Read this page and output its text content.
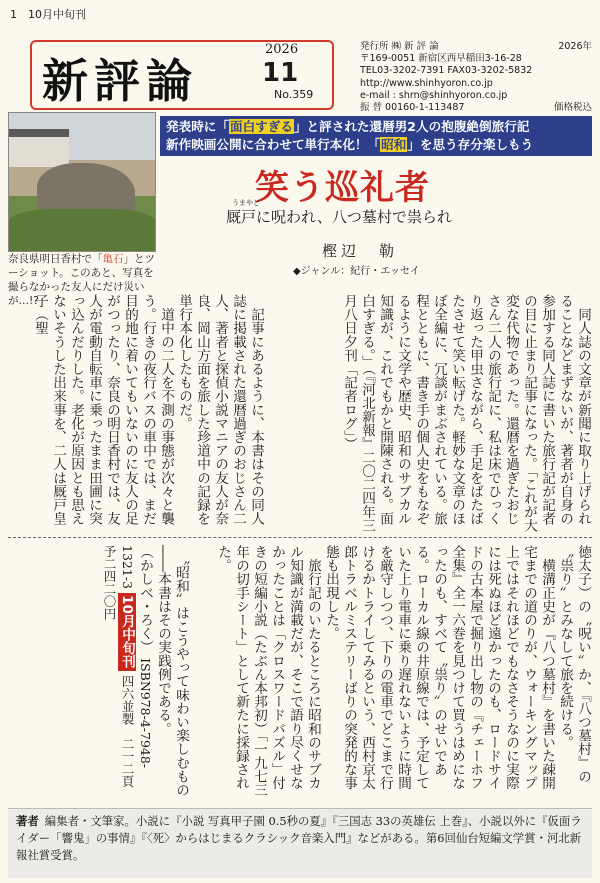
1　10月中旬刊
新評論
2026
11
No.359
発行所 ㈱ 新 評 論	2026年
〒169-0051 新宿区西早稲田3-16-28
TEL03-3202-7391 FAX03-3202-5832
http://www.shinhyoron.co.jp
e-mail : shrn@shinhyoron.co.jp
振 替 00160-1-113487	価格税込
奈良県明日香村で「亀石」とツーショット。このあと、写真を撮らなかった友人にだけ災いが…!?
発表時に「面白すぎる」と評された還暦男2人の抱腹絶倒旅行記
新作映画公開に合わせて単行本化！「昭和」を思う存分楽しもう
笑う巡礼者
うまやど
厩戸に呪われ、八つ墓村で祟られ
樫辺　勒
◆ジャンル：紀行・エッセイ
　同人誌の文章が新聞に取り上げられることなどまずないが、著者が自身の参加する同人誌に書いた旅行記が記者の目に止まり記事になった。「これが大変な代物であった。還暦を過ぎたおじさん二人の旅行記に、私は床でひっくり返った甲虫さながら、手足をばたばたさせて笑い転げた。軽妙な文章のほぼ全編に、冗談がまぶされている。旅程とともに、書き手の個人史をもなぞるように文学や歴史、昭和のサブカル知識が、これでもかと開陳される。面白すぎる。」（『河北新報』二〇二四年三月八日夕刊「記者ログ」）
　記事にあるように、本書はその同人誌に掲載された還暦過ぎのおじさん二人、著者と探偵小説マニアの友人が奈良、岡山方面を旅した珍道中の記録を単行本化したものだ。
　道中の二人を不測の事態が次々と襲う。行きの夜行バスの車中では、まだ目的地に着いてもいないのに友人の足がつったり、奈良の明日香村では、友人が電動自転車に乗ったまま田圃に突っ込んだりした。老化が原因とも思えないそうした出来事を、二人は厩戸皇子（聖
徳太子）の〝呪い〟か、『八つ墓村』の〝祟り〟とみなして旅を続ける。
　横溝正史が『八つ墓村』を書いた疎開宅までの道のりが、ウォーキングマップ上ではそれほどでもなさそうなのに実際には死ぬほど遠かったのも、ロードサイドの古本屋で掘り出し物の『チェーホフ全集』全一六巻を見つけて買うはめになったのも、すべて〝祟り〟のせいである。ローカル線の井原線では、予定していた上り電車に乗り遅れないように時間を厳守しつつ、下りの電車でどこまで行けるかトライしてみるという、西村京太郎トラベルミステリーばりの突発的な事態も出現した。
　旅行記のいたるところに昭和のサブカル知識が満載だが、そこで語り尽くせなかったことは「クロスワードパズル」付きの短編小説（たぶん本邦初）「一九七三年の切手シート」として新たに採録された。
　〝昭和〟はこうやって味わい楽しむもの――本書はその実践例である。
（かしべ・ろく） ISBN978-4-7948-1321-3 10月中旬刊 四六並製　二一二頁　予二四二〇円
著者 編集者・文筆家。小説に『小説 写真甲子園 0.5秒の夏』『三国志 33の英雄伝 上巻』、小説以外に『仮面ライダー「響鬼」の事情』『〈死〉からはじまるクラシック音楽入門』などがある。第6回仙台短編文学賞・河北新報社賞受賞。
